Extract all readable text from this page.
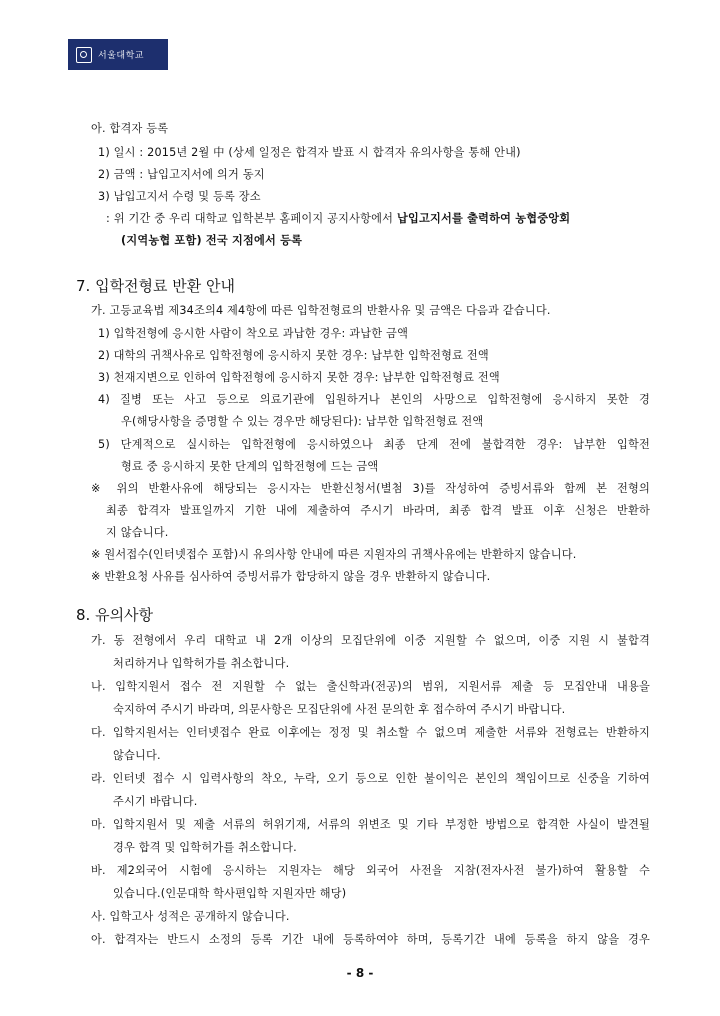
서울대학교
아. 합격자 등록
1) 일시 : 2015년 2월 中 (상세 일정은 합격자 발표 시 합격자 유의사항을 통해 안내)
2) 금액 : 납입고지서에 의거 동지
3) 납입고지서 수령 및 등록 장소
: 위 기간 중 우리 대학교 입학본부 홈페이지 공지사항에서 납입고지서를 출력하여 농협중앙회
(지역농협 포함) 전국 지점에서 등록
7. 입학전형료 반환 안내
가. 고등교육법 제34조의4 제4항에 따른 입학전형료의 반환사유 및 금액은 다음과 같습니다.
1) 입학전형에 응시한 사람이 착오로 과납한 경우: 과납한 금액
2) 대학의 귀책사유로 입학전형에 응시하지 못한 경우: 납부한 입학전형료 전액
3) 천재지변으로 인하여 입학전형에 응시하지 못한 경우: 납부한 입학전형료 전액
4) 질병 또는 사고 등으로 의료기관에 입원하거나 본인의 사망으로 입학전형에 응시하지 못한 경
우(해당사항을 증명할 수 있는 경우만 해당된다): 납부한 입학전형료 전액
5) 단계적으로 실시하는 입학전형에 응시하였으나 최종 단계 전에 불합격한 경우: 납부한 입학전
형료 중 응시하지 못한 단계의 입학전형에 드는 금액
※ 위의 반환사유에 해당되는 응시자는 반환신청서(별첨 3)를 작성하여 증빙서류와 함께 본 전형의
최종 합격자 발표일까지 기한 내에 제출하여 주시기 바라며, 최종 합격 발표 이후 신청은 반환하
지 않습니다.
※ 원서접수(인터넷접수 포함)시 유의사항 안내에 따른 지원자의 귀책사유에는 반환하지 않습니다.
※ 반환요청 사유를 심사하여 증빙서류가 합당하지 않을 경우 반환하지 않습니다.
8. 유의사항
가. 동 전형에서 우리 대학교 내 2개 이상의 모집단위에 이중 지원할 수 없으며, 이중 지원 시 불합격
처리하거나 입학허가를 취소합니다.
나. 입학지원서 접수 전 지원할 수 없는 출신학과(전공)의 범위, 지원서류 제출 등 모집안내 내용을
숙지하여 주시기 바라며, 의문사항은 모집단위에 사전 문의한 후 접수하여 주시기 바랍니다.
다. 입학지원서는 인터넷접수 완료 이후에는 정정 및 취소할 수 없으며 제출한 서류와 전형료는 반환하지
않습니다.
라. 인터넷 접수 시 입력사항의 착오, 누락, 오기 등으로 인한 불이익은 본인의 책임이므로 신중을 기하여
주시기 바랍니다.
마. 입학지원서 및 제출 서류의 허위기재, 서류의 위변조 및 기타 부정한 방법으로 합격한 사실이 발견될
경우 합격 및 입학허가를 취소합니다.
바. 제2외국어 시험에 응시하는 지원자는 해당 외국어 사전을 지참(전자사전 불가)하여 활용할 수
있습니다.(인문대학 학사편입학 지원자만 해당)
사. 입학고사 성적은 공개하지 않습니다.
아. 합격자는 반드시 소정의 등록 기간 내에 등록하여야 하며, 등록기간 내에 등록을 하지 않을 경우
- 8 -
